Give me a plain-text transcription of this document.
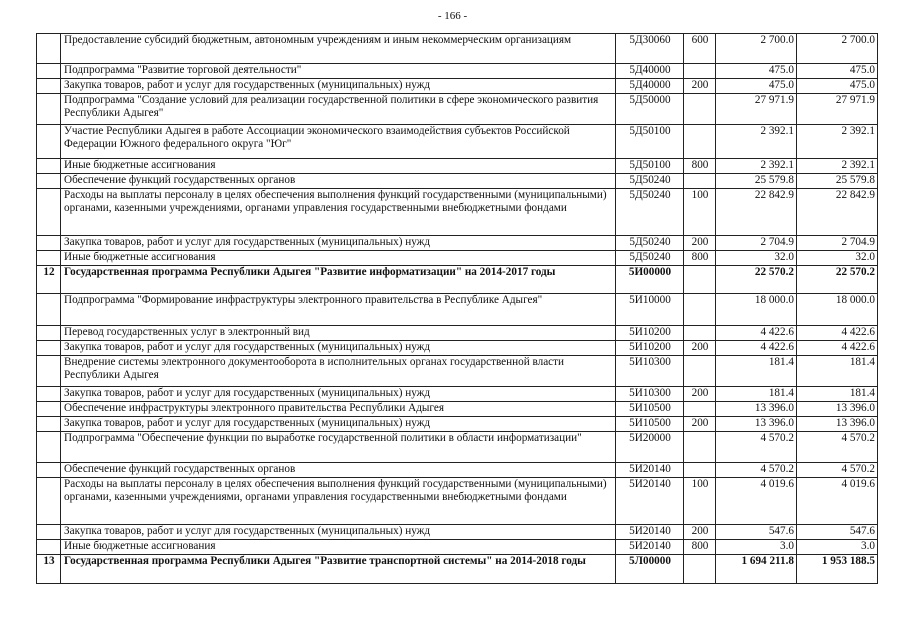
- 166 -
	Предоставление субсидий бюджетным, автономным учреждениям и иным некоммерческим организациям	5Д30060	600	2 700.0	2 700.0
	Подпрограмма "Развитие торговой деятельности"	5Д40000		475.0	475.0
	Закупка товаров, работ и услуг для государственных (муниципальных) нужд	5Д40000	200	475.0	475.0
	Подпрограмма "Создание условий для реализации государственной политики в сфере экономического развития Республики Адыгея"	5Д50000		27 971.9	27 971.9
	Участие Республики Адыгея в работе Ассоциации экономического взаимодействия субъектов Российской Федерации Южного федерального округа "Юг"	5Д50100		2 392.1	2 392.1
	Иные бюджетные ассигнования	5Д50100	800	2 392.1	2 392.1
	Обеспечение функций государственных органов	5Д50240		25 579.8	25 579.8
	Расходы на выплаты персоналу в целях обеспечения выполнения функций государственными (муниципальными) органами, казенными учреждениями, органами управления государственными внебюджетными фондами	5Д50240	100	22 842.9	22 842.9
	Закупка товаров, работ и услуг для государственных (муниципальных) нужд	5Д50240	200	2 704.9	2 704.9
	Иные бюджетные ассигнования	5Д50240	800	32.0	32.0
12	Государственная программа Республики Адыгея "Развитие информатизации" на 2014-2017 годы	5И00000		22 570.2	22 570.2
	Подпрограмма "Формирование инфраструктуры электронного правительства в Республике Адыгея"	5И10000		18 000.0	18 000.0
	Перевод государственных услуг в электронный вид	5И10200		4 422.6	4 422.6
	Закупка товаров, работ и услуг для государственных (муниципальных) нужд	5И10200	200	4 422.6	4 422.6
	Внедрение системы электронного документооборота в исполнительных органах государственной власти Республики Адыгея	5И10300		181.4	181.4
	Закупка товаров, работ и услуг для государственных (муниципальных) нужд	5И10300	200	181.4	181.4
	Обеспечение инфраструктуры электронного правительства Республики Адыгея	5И10500		13 396.0	13 396.0
	Закупка товаров, работ и услуг для государственных (муниципальных) нужд	5И10500	200	13 396.0	13 396.0
	Подпрограмма "Обеспечение функции по выработке государственной политики в области информатизации"	5И20000		4 570.2	4 570.2
	Обеспечение функций государственных органов	5И20140		4 570.2	4 570.2
	Расходы на выплаты персоналу в целях обеспечения выполнения функций государственными (муниципальными) органами, казенными учреждениями, органами управления государственными внебюджетными фондами	5И20140	100	4 019.6	4 019.6
	Закупка товаров, работ и услуг для государственных (муниципальных) нужд	5И20140	200	547.6	547.6
	Иные бюджетные ассигнования	5И20140	800	3.0	3.0
13	Государственная программа Республики Адыгея "Развитие транспортной системы" на 2014-2018 годы	5Л00000		1 694 211.8	1 953 188.5
